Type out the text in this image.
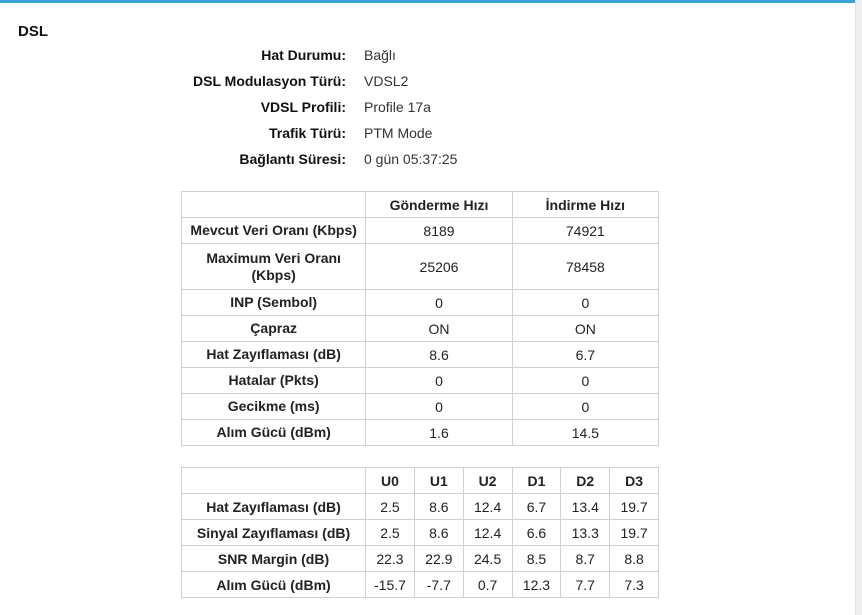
DSL
Hat Durumu: Bağlı
DSL Modulasyon Türü: VDSL2
VDSL Profili: Profile 17a
Trafik Türü: PTM Mode
Bağlantı Süresi: 0 gün 05:37:25
	Gönderme Hızı	İndirme Hızı
Mevcut Veri Oranı (Kbps)	8189	74921
Maximum Veri Oranı (Kbps)	25206	78458
INP (Sembol)	0	0
Çapraz	ON	ON
Hat Zayıflaması (dB)	8.6	6.7
Hatalar (Pkts)	0	0
Gecikme (ms)	0	0
Alım Gücü (dBm)	1.6	14.5
	U0	U1	U2	D1	D2	D3
Hat Zayıflaması (dB)	2.5	8.6	12.4	6.7	13.4	19.7
Sinyal Zayıflaması (dB)	2.5	8.6	12.4	6.6	13.3	19.7
SNR Margin (dB)	22.3	22.9	24.5	8.5	8.7	8.8
Alım Gücü (dBm)	-15.7	-7.7	0.7	12.3	7.7	7.3
